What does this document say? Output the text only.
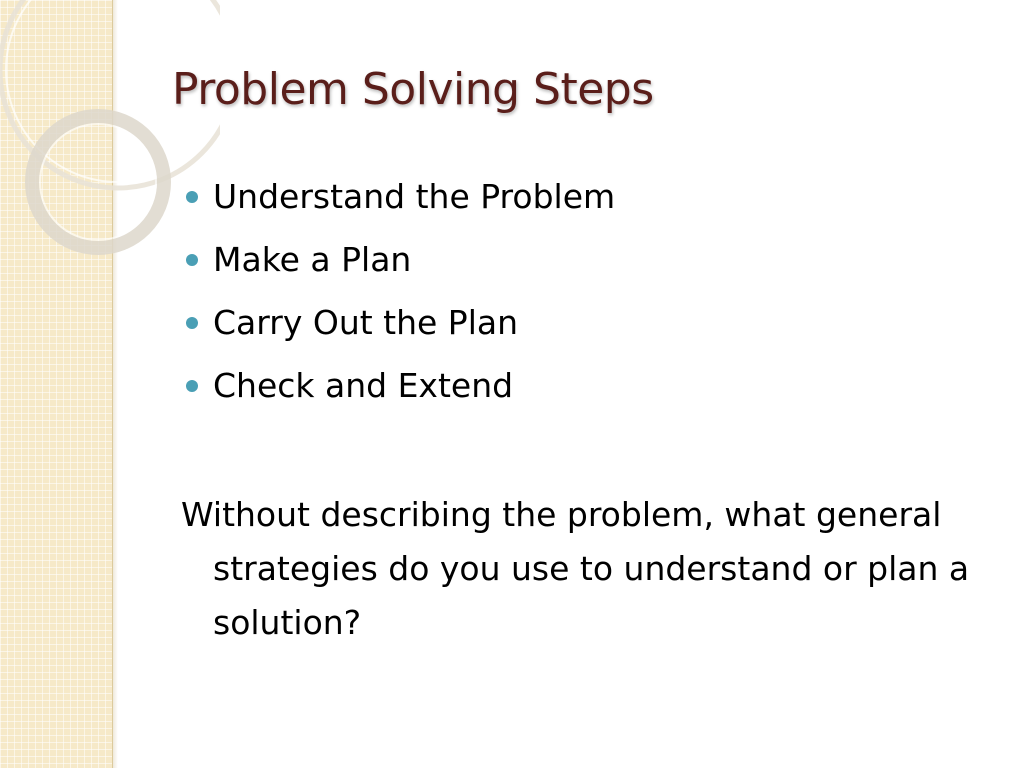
Problem Solving Steps
Understand the Problem
Make a Plan
Carry Out the Plan
Check and Extend

Without describing the problem, what general strategies do you use to understand or plan a solution?
